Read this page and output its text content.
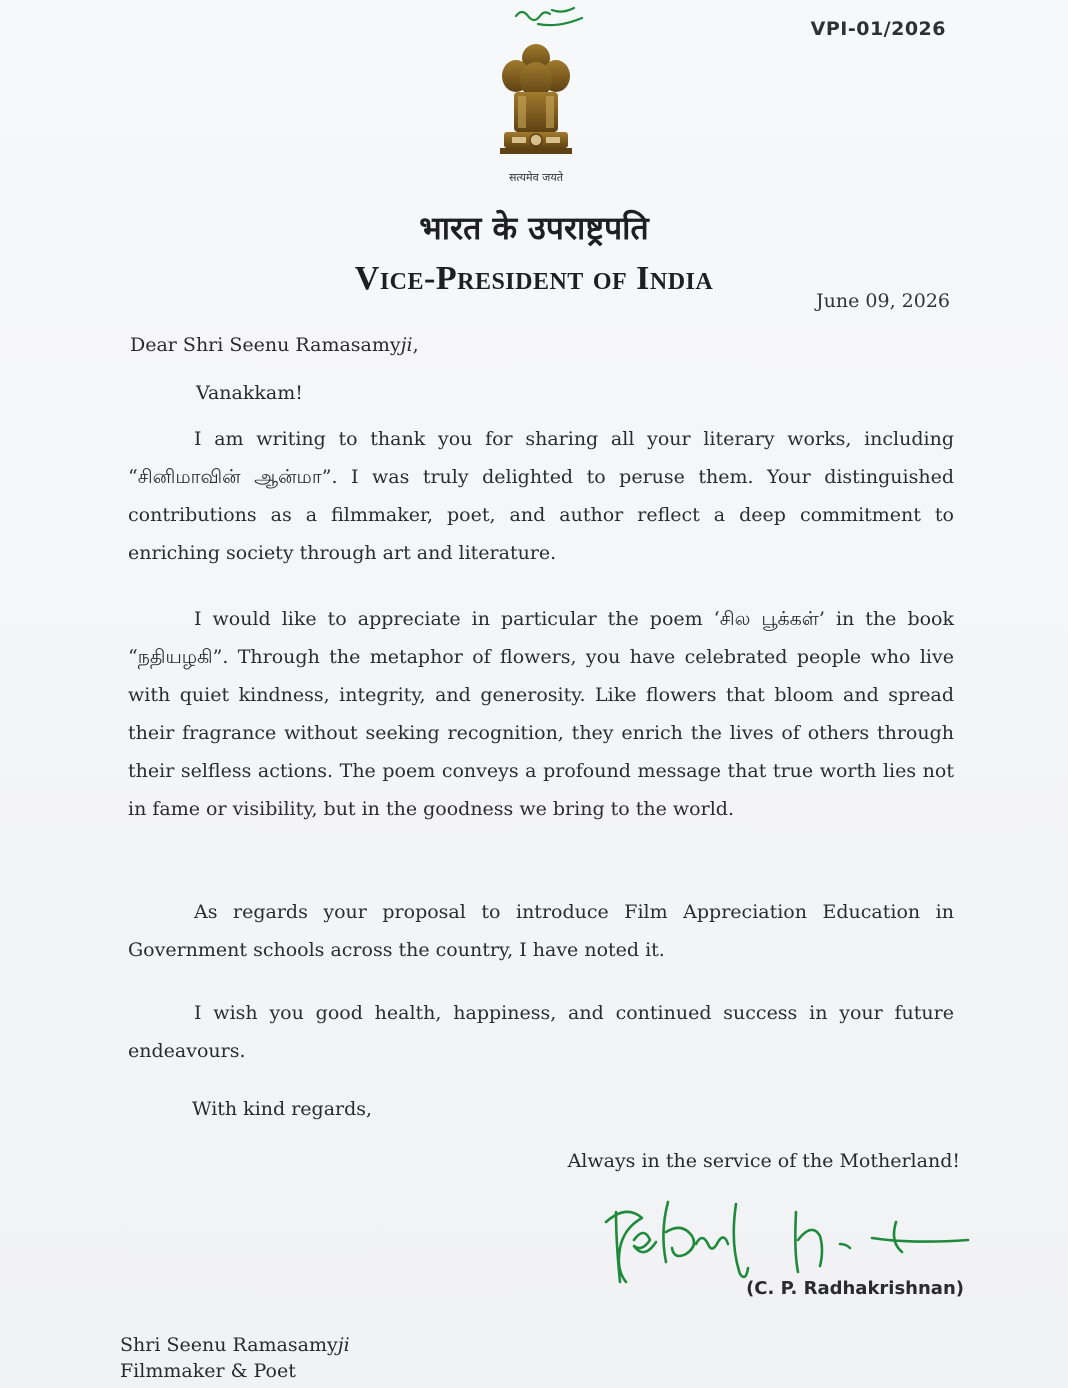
VPI-01/2026
सत्यमेव जयते
भारत के उपराष्ट्रपति
Vice-President of India
June 09, 2026
Dear Shri Seenu Ramasamyji,
Vanakkam!
I am writing to thank you for sharing all your literary works, including “சினிமாவின் ஆன்மா”. I was truly delighted to peruse them. Your distinguished contributions as a filmmaker, poet, and author reflect a deep commitment to enriching society through art and literature.
I would like to appreciate in particular the poem ‘சில பூக்கள்’ in the book “நதியழகி”. Through the metaphor of flowers, you have celebrated people who live with quiet kindness, integrity, and generosity. Like flowers that bloom and spread their fragrance without seeking recognition, they enrich the lives of others through their selfless actions. The poem conveys a profound message that true worth lies not in fame or visibility, but in the goodness we bring to the world.
As regards your proposal to introduce Film Appreciation Education in Government schools across the country, I have noted it.
I wish you good health, happiness, and continued success in your future endeavours.
With kind regards,
Always in the service of the Motherland!
(C. P. Radhakrishnan)
Shri Seenu Ramasamyji
Filmmaker & Poet
